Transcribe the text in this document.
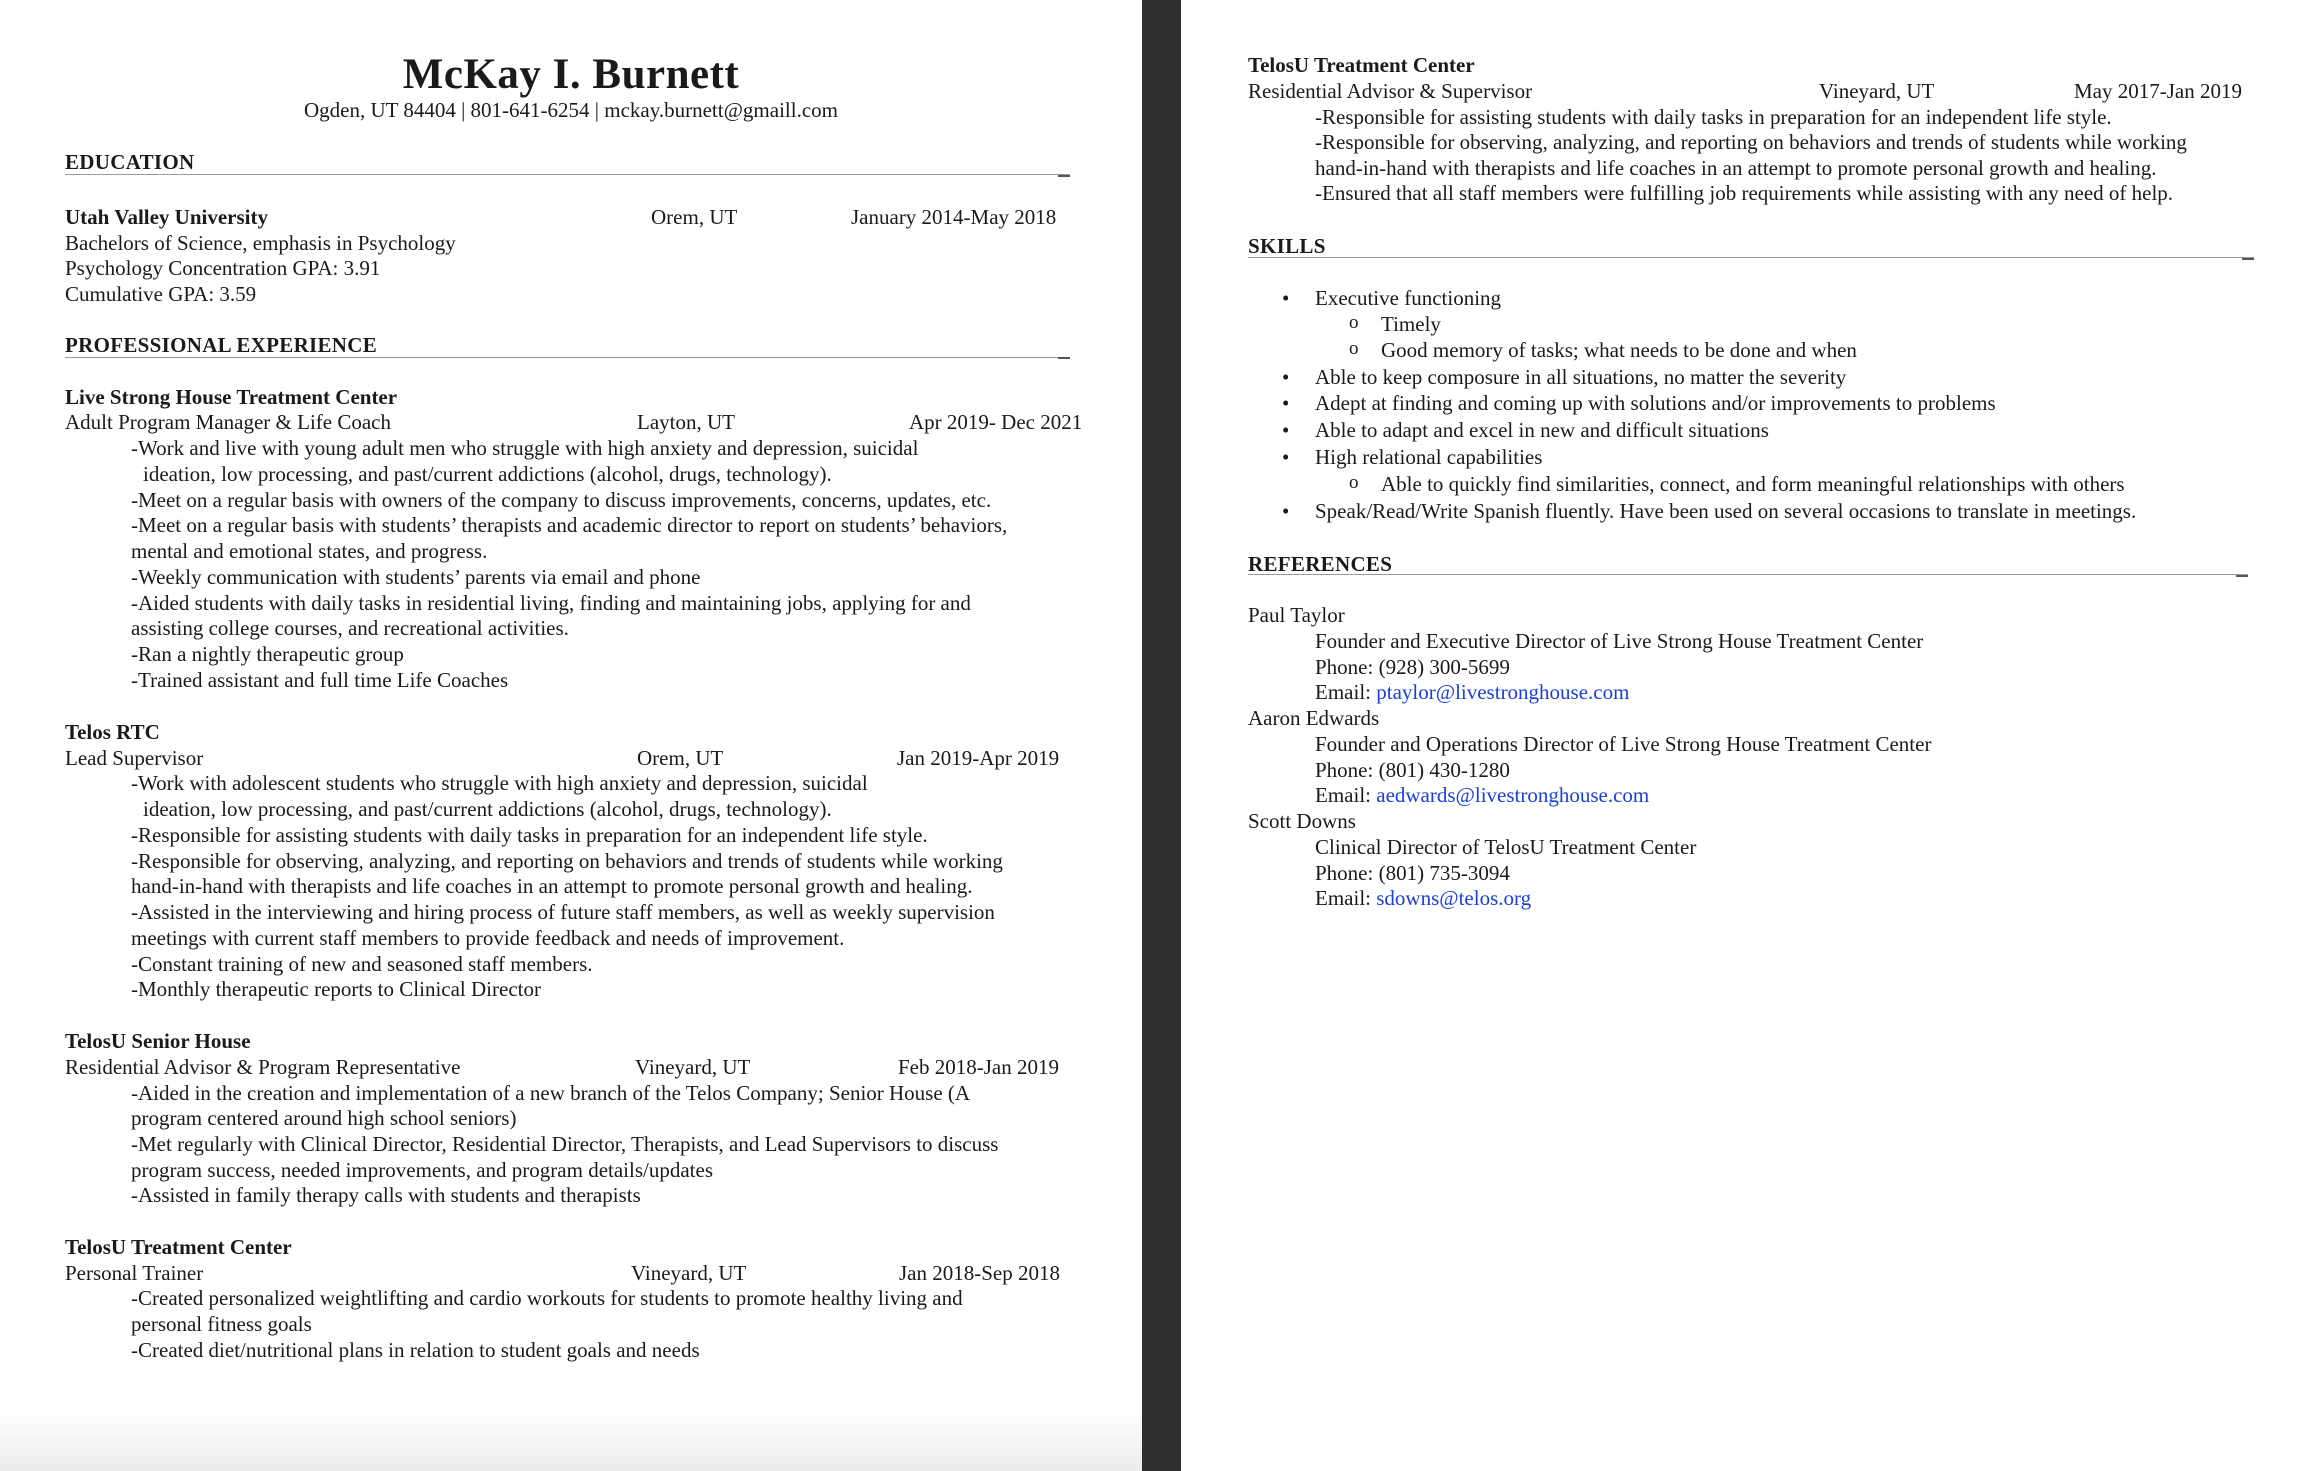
McKay I. Burnett
Ogden, UT 84404 | 801-641-6254 | mckay.burnett@gmaill.com
EDUCATION
Utah Valley University	Orem, UT	January 2014-May 2018
Bachelors of Science, emphasis in Psychology
Psychology Concentration GPA: 3.91
Cumulative GPA: 3.59
PROFESSIONAL EXPERIENCE
Live Strong House Treatment Center
Adult Program Manager & Life Coach	Layton, UT	Apr 2019- Dec 2021
-Work and live with young adult men who struggle with high anxiety and depression, suicidal
ideation, low processing, and past/current addictions (alcohol, drugs, technology).
-Meet on a regular basis with owners of the company to discuss improvements, concerns, updates, etc.
-Meet on a regular basis with students’ therapists and academic director to report on students’ behaviors,
mental and emotional states, and progress.
-Weekly communication with students’ parents via email and phone
-Aided students with daily tasks in residential living, finding and maintaining jobs, applying for and
assisting college courses, and recreational activities.
-Ran a nightly therapeutic group
-Trained assistant and full time Life Coaches
Telos RTC
Lead Supervisor	Orem, UT	Jan 2019-Apr 2019
-Work with adolescent students who struggle with high anxiety and depression, suicidal
ideation, low processing, and past/current addictions (alcohol, drugs, technology).
-Responsible for assisting students with daily tasks in preparation for an independent life style.
-Responsible for observing, analyzing, and reporting on behaviors and trends of students while working
hand-in-hand with therapists and life coaches in an attempt to promote personal growth and healing.
-Assisted in the interviewing and hiring process of future staff members, as well as weekly supervision
meetings with current staff members to provide feedback and needs of improvement.
-Constant training of new and seasoned staff members.
-Monthly therapeutic reports to Clinical Director
TelosU Senior House
Residential Advisor & Program Representative	Vineyard, UT	Feb 2018-Jan 2019
-Aided in the creation and implementation of a new branch of the Telos Company; Senior House (A
program centered around high school seniors)
-Met regularly with Clinical Director, Residential Director, Therapists, and Lead Supervisors to discuss
program success, needed improvements, and program details/updates
-Assisted in family therapy calls with students and therapists
TelosU Treatment Center
Personal Trainer	Vineyard, UT	Jan 2018-Sep 2018
-Created personalized weightlifting and cardio workouts for students to promote healthy living and
personal fitness goals
-Created diet/nutritional plans in relation to student goals and needs
TelosU Treatment Center
Residential Advisor & Supervisor	Vineyard, UT	May 2017-Jan 2019
-Responsible for assisting students with daily tasks in preparation for an independent life style.
-Responsible for observing, analyzing, and reporting on behaviors and trends of students while working
hand-in-hand with therapists and life coaches in an attempt to promote personal growth and healing.
-Ensured that all staff members were fulfilling job requirements while assisting with any need of help.
SKILLS
• Executive functioning
o Timely
o Good memory of tasks; what needs to be done and when
• Able to keep composure in all situations, no matter the severity
• Adept at finding and coming up with solutions and/or improvements to problems
• Able to adapt and excel in new and difficult situations
• High relational capabilities
o Able to quickly find similarities, connect, and form meaningful relationships with others
• Speak/Read/Write Spanish fluently. Have been used on several occasions to translate in meetings.
REFERENCES
Paul Taylor
Founder and Executive Director of Live Strong House Treatment Center
Phone: (928) 300-5699
Email: ptaylor@livestronghouse.com
Aaron Edwards
Founder and Operations Director of Live Strong House Treatment Center
Phone: (801) 430-1280
Email: aedwards@livestronghouse.com
Scott Downs
Clinical Director of TelosU Treatment Center
Phone: (801) 735-3094
Email: sdowns@telos.org
